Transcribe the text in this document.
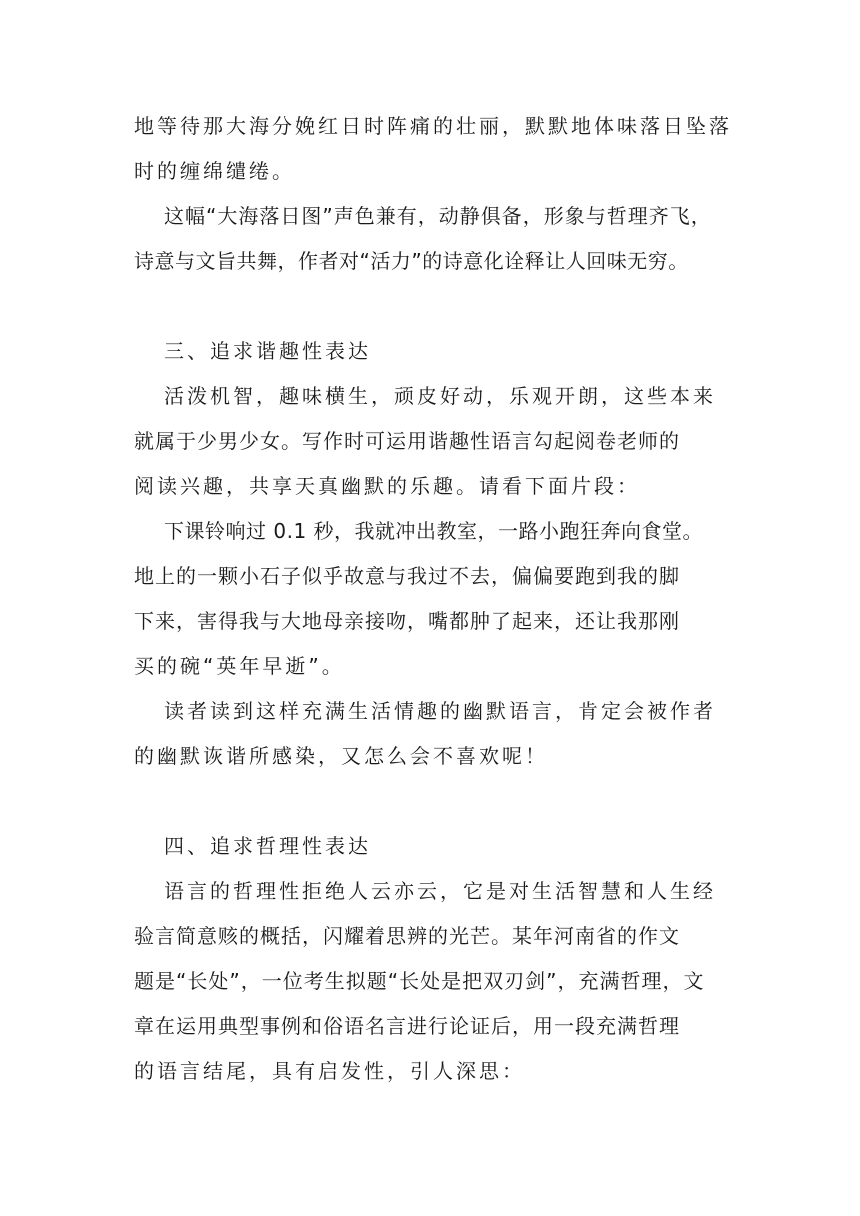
地等待那大海分娩红日时阵痛的壮丽，默默地体味落日坠落
时的缠绵缱绻。
这幅“大海落日图”声色兼有，动静俱备，形象与哲理齐飞，
诗意与文旨共舞，作者对“活力”的诗意化诠释让人回味无穷。
三、追求谐趣性表达
活泼机智，趣味横生，顽皮好动，乐观开朗，这些本来
就属于少男少女。写作时可运用谐趣性语言勾起阅卷老师的
阅读兴趣，共享天真幽默的乐趣。请看下面片段：
下课铃响过 0.1 秒，我就冲出教室，一路小跑狂奔向食堂。
地上的一颗小石子似乎故意与我过不去，偏偏要跑到我的脚
下来，害得我与大地母亲接吻，嘴都肿了起来，还让我那刚
买的碗“英年早逝”。
读者读到这样充满生活情趣的幽默语言，肯定会被作者
的幽默诙谐所感染，又怎么会不喜欢呢！
四、追求哲理性表达
语言的哲理性拒绝人云亦云，它是对生活智慧和人生经
验言简意赅的概括，闪耀着思辨的光芒。某年河南省的作文
题是“长处”，一位考生拟题“长处是把双刃剑”，充满哲理，文
章在运用典型事例和俗语名言进行论证后，用一段充满哲理
的语言结尾，具有启发性，引人深思：
